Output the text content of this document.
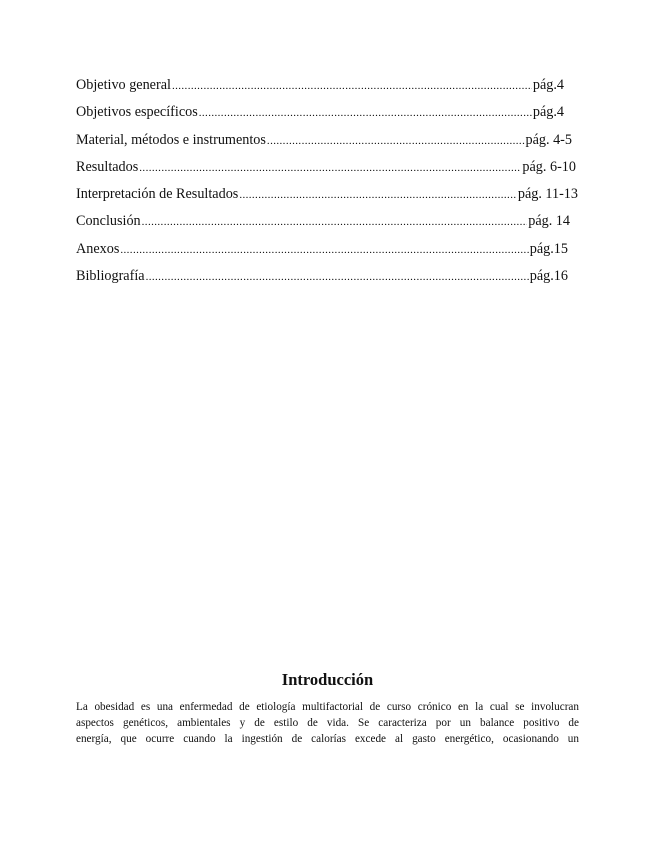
Objetivo general .....	pág.4
Objetivos específicos .....	pág.4
Material, métodos e instrumentos .....	pág. 4-5
Resultados .....	pág. 6-10
Interpretación de Resultados .....	pág. 11-13
Conclusión .....	pág. 14
Anexos .....	pág.15
Bibliografía .....	pág.16
Introducción
La obesidad es una enfermedad de etiología multifactorial de curso crónico en la cual se involucran
aspectos genéticos, ambientales y de estilo de vida. Se caracteriza por un balance positivo de
energía, que ocurre cuando la ingestión de calorías excede al gasto energético, ocasionando un
